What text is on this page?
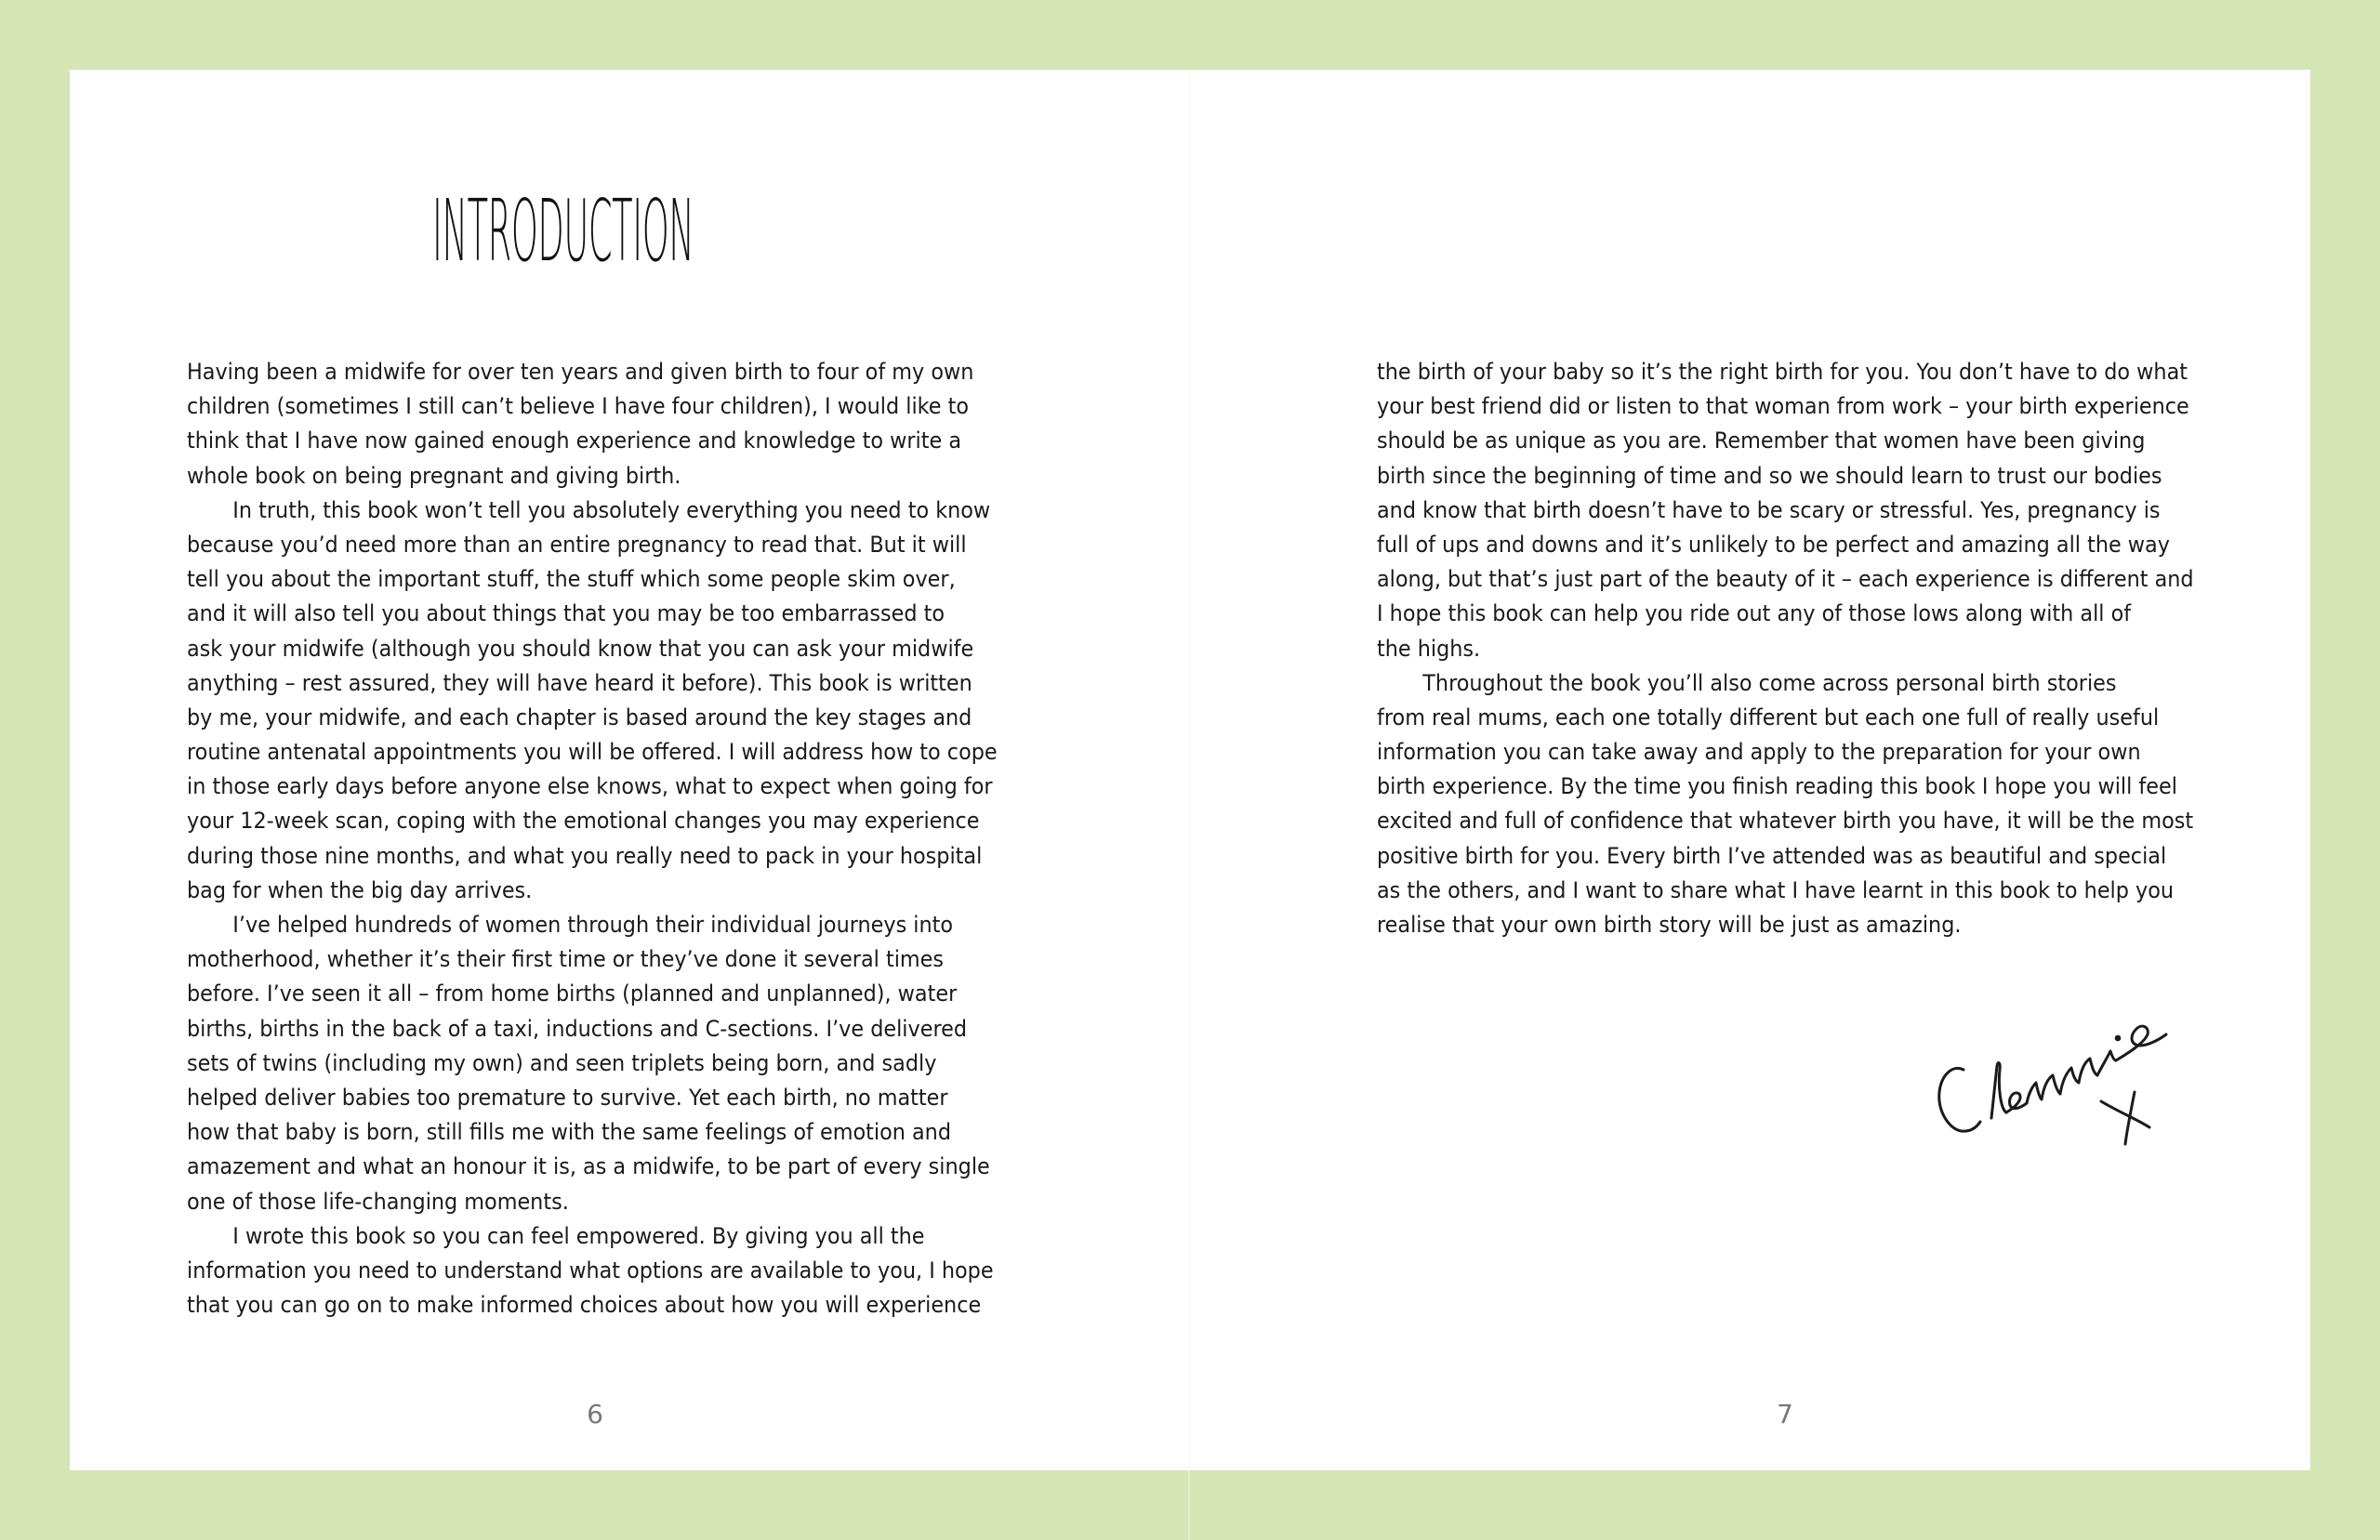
INTRODUCTION
Having been a midwife for over ten years and given birth to four of my own
children (sometimes I still can’t believe I have four children), I would like to
think that I have now gained enough experience and knowledge to write a
whole book on being pregnant and giving birth.
In truth, this book won’t tell you absolutely everything you need to know
because you’d need more than an entire pregnancy to read that. But it will
tell you about the important stuff, the stuff which some people skim over,
and it will also tell you about things that you may be too embarrassed to
ask your midwife (although you should know that you can ask your midwife
anything – rest assured, they will have heard it before). This book is written
by me, your midwife, and each chapter is based around the key stages and
routine antenatal appointments you will be offered. I will address how to cope
in those early days before anyone else knows, what to expect when going for
your 12-week scan, coping with the emotional changes you may experience
during those nine months, and what you really need to pack in your hospital
bag for when the big day arrives.
I’ve helped hundreds of women through their individual journeys into
motherhood, whether it’s their first time or they’ve done it several times
before. I’ve seen it all – from home births (planned and unplanned), water
births, births in the back of a taxi, inductions and C-sections. I’ve delivered
sets of twins (including my own) and seen triplets being born, and sadly
helped deliver babies too premature to survive. Yet each birth, no matter
how that baby is born, still fills me with the same feelings of emotion and
amazement and what an honour it is, as a midwife, to be part of every single
one of those life-changing moments.
I wrote this book so you can feel empowered. By giving you all the
information you need to understand what options are available to you, I hope
that you can go on to make informed choices about how you will experience
the birth of your baby so it’s the right birth for you. You don’t have to do what
your best friend did or listen to that woman from work – your birth experience
should be as unique as you are. Remember that women have been giving
birth since the beginning of time and so we should learn to trust our bodies
and know that birth doesn’t have to be scary or stressful. Yes, pregnancy is
full of ups and downs and it’s unlikely to be perfect and amazing all the way
along, but that’s just part of the beauty of it – each experience is different and
I hope this book can help you ride out any of those lows along with all of
the highs.
Throughout the book you’ll also come across personal birth stories
from real mums, each one totally different but each one full of really useful
information you can take away and apply to the preparation for your own
birth experience. By the time you finish reading this book I hope you will feel
excited and full of confidence that whatever birth you have, it will be the most
positive birth for you. Every birth I’ve attended was as beautiful and special
as the others, and I want to share what I have learnt in this book to help you
realise that your own birth story will be just as amazing.
6	7
